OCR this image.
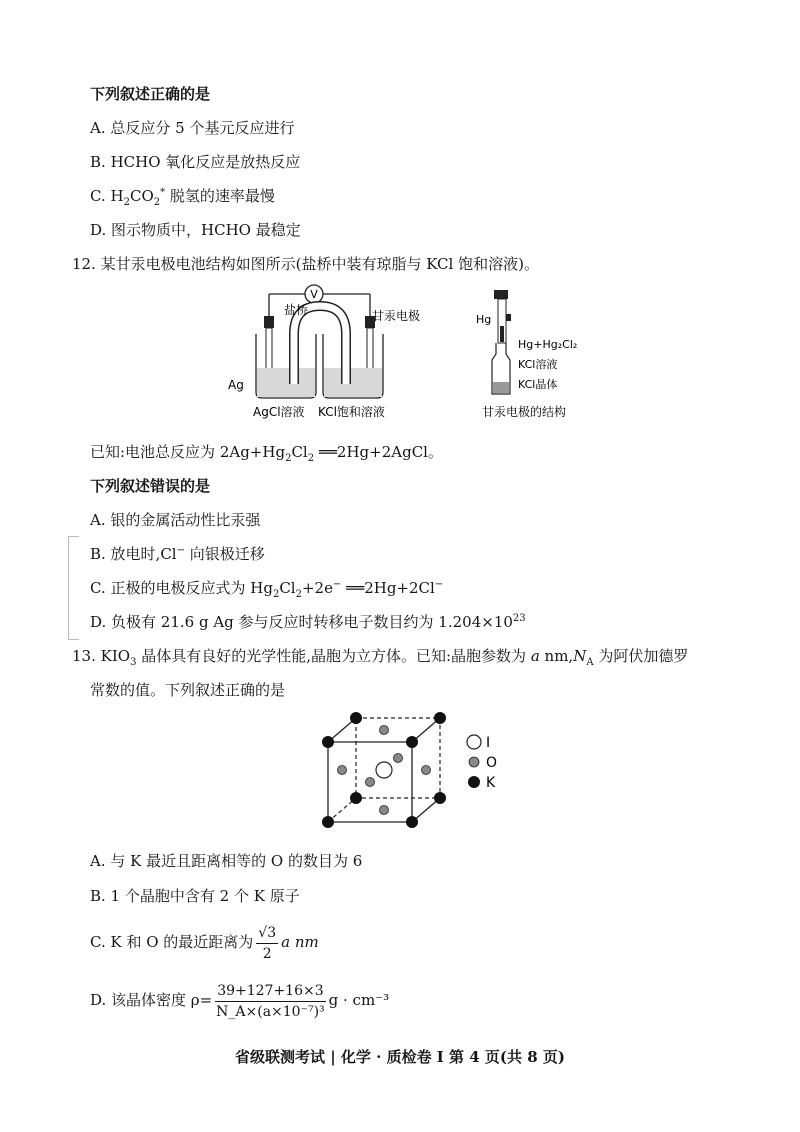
下列叙述正确的是
A. 总反应分 5 个基元反应进行
B. HCHO 氧化反应是放热反应
C. $H_2CO_2^*$ 脱氢的速率最慢
D. 图示物质中，HCHO 最稳定
12. 某甘汞电极电池结构如图所示(盐桥中装有琼脂与 KCl 饱和溶液)。
V
盐桥	甘汞电极
Ag
AgCl溶液 KCl饱和溶液
Hg
Hg+Hg₂Cl₂
KCl溶液
KCl晶体
甘汞电极的结构
已知:电池总反应为 $2Ag+Hg_2Cl_2$ ══2Hg+2AgCl。
下列叙述错误的是
A. 银的金属活动性比汞强
B. 放电时,Cl− 向银极迁移
C. 正极的电极反应式为 $Hg_2Cl_2+2e^-$ ══2Hg+2Cl−
D. 负极有 21.6 g Ag 参与反应时转移电子数目约为 $1.204\times 10^{23}$
13. $KIO_3$ 晶体具有良好的光学性能,晶胞为立方体。已知:晶胞参数为 a $nm,N_A$ 为阿伏加德罗
常数的值。下列叙述正确的是
I
O
K
A. 与 K 最近且距离相等的 O 的数目为 6
B. 1 个晶胞中含有 2 个 K 原子
C. K 和 O 的最近距离为 $\frac{√3}{2}$ a nm
D. 该晶体密度 $\rho= \frac{39+127+16\times 3}{\text{N\_A×(a×10⁻⁷)³}}$ g · cm⁻³
省级联测考试 | 化学 · 质检卷 Ⅰ 第 4 页(共 8 页)
